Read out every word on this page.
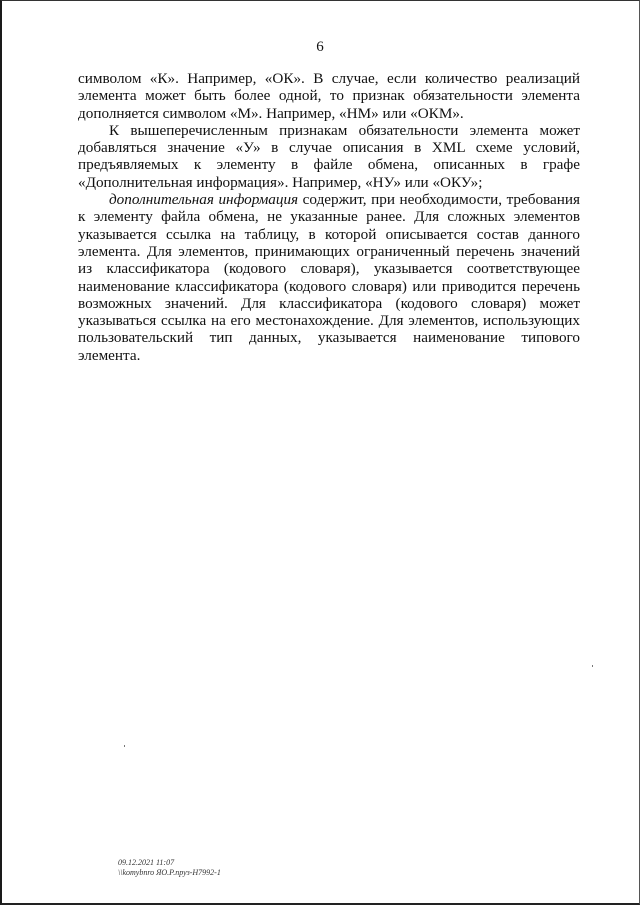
6

символом «К». Например, «ОК». В случае, если количество реализаций элемента может быть более одной, то признак обязательности элемента дополняется символом «М». Например, «НМ» или «ОКМ».

К вышеперечисленным признакам обязательности элемента может добавляться значение «У» в случае описания в XML схеме условий, предъявляемых к элементу в файле обмена, описанных в графе «Дополнительная информация». Например, «НУ» или «ОКУ»;

дополнительная информация содержит, при необходимости, требования к элементу файла обмена, не указанные ранее. Для сложных элементов указывается ссылка на таблицу, в которой описывается состав данного элемента. Для элементов, принимающих ограниченный перечень значений из классификатора (кодового словаря), указывается соответствующее наименование классификатора (кодового словаря) или приводится перечень возможных значений. Для классификатора (кодового словаря) может указываться ссылка на его местонахождение. Для элементов, использующих пользовательский тип данных, указывается наименование типового элемента.

09.12.2021 11:07
\\komybnro ЯО.Р.пруз-Н7992-1
